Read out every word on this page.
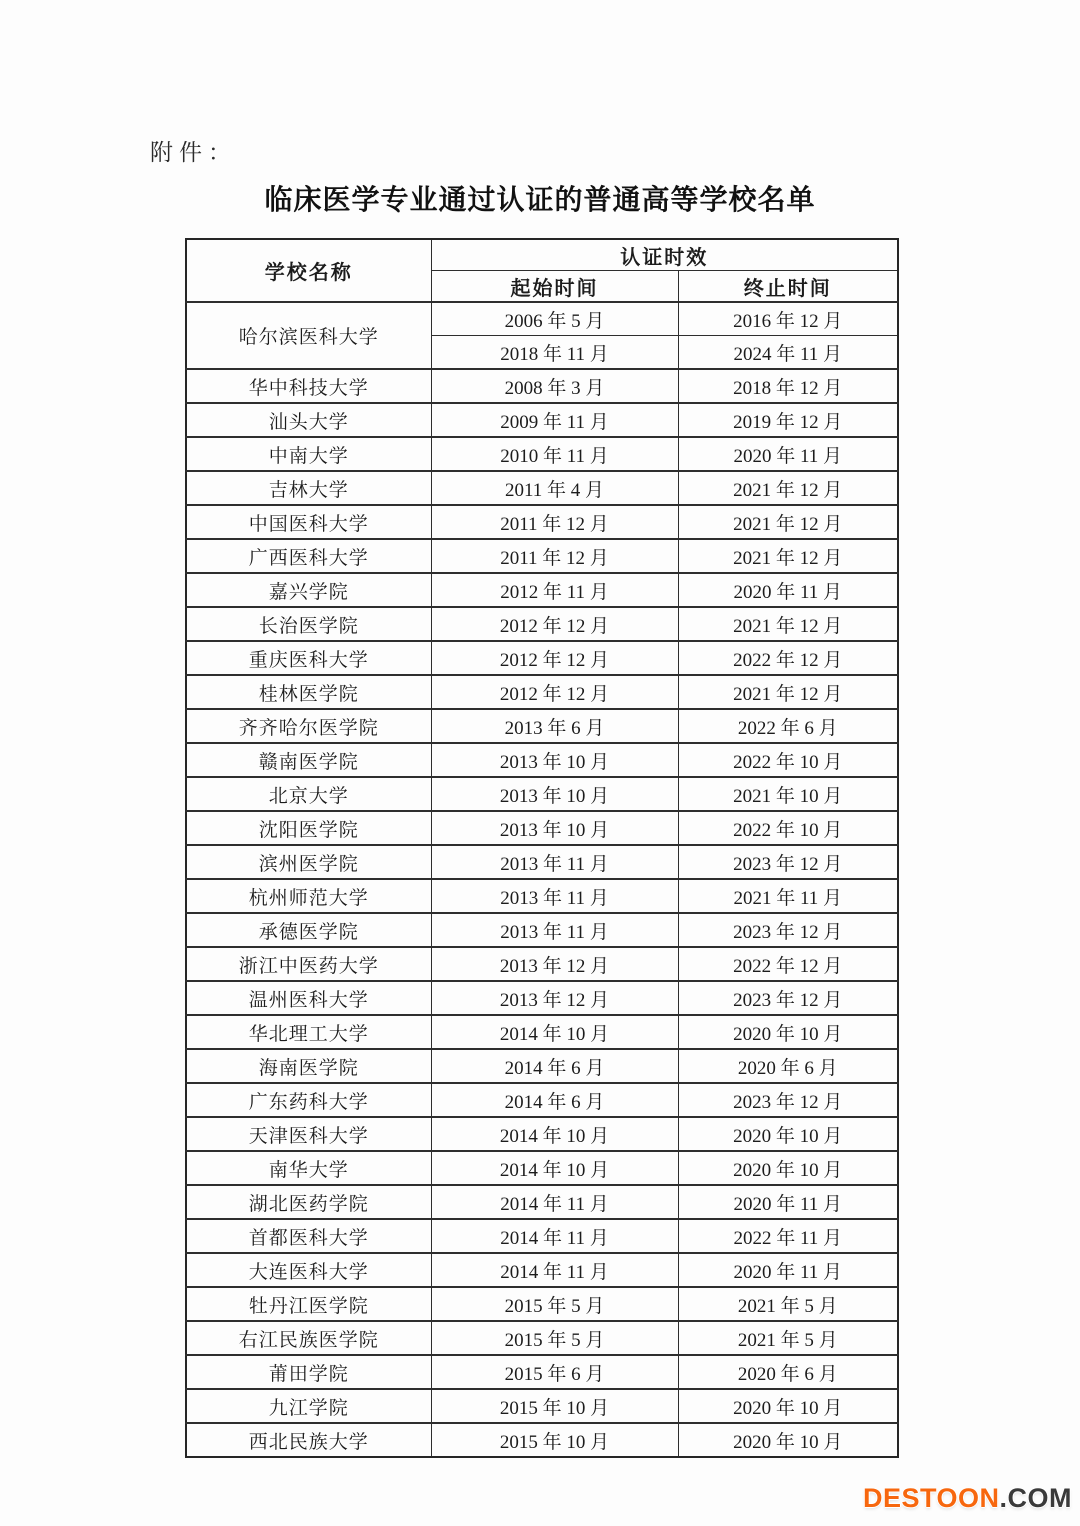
附件：
临床医学专业通过认证的普通高等学校名单
学校名称	认证时效	
	起始时间	终止时间
哈尔滨医科大学	2006 年 5 月	2016 年 12 月
	2018 年 11 月	2024 年 11 月
华中科技大学	2008 年 3 月	2018 年 12 月
汕头大学	2009 年 11 月	2019 年 12 月
中南大学	2010 年 11 月	2020 年 11 月
吉林大学	2011 年 4 月	2021 年 12 月
中国医科大学	2011 年 12 月	2021 年 12 月
广西医科大学	2011 年 12 月	2021 年 12 月
嘉兴学院	2012 年 11 月	2020 年 11 月
长治医学院	2012 年 12 月	2021 年 12 月
重庆医科大学	2012 年 12 月	2022 年 12 月
桂林医学院	2012 年 12 月	2021 年 12 月
齐齐哈尔医学院	2013 年 6 月	2022 年 6 月
赣南医学院	2013 年 10 月	2022 年 10 月
北京大学	2013 年 10 月	2021 年 10 月
沈阳医学院	2013 年 10 月	2022 年 10 月
滨州医学院	2013 年 11 月	2023 年 12 月
杭州师范大学	2013 年 11 月	2021 年 11 月
承德医学院	2013 年 11 月	2023 年 12 月
浙江中医药大学	2013 年 12 月	2022 年 12 月
温州医科大学	2013 年 12 月	2023 年 12 月
华北理工大学	2014 年 10 月	2020 年 10 月
海南医学院	2014 年 6 月	2020 年 6 月
广东药科大学	2014 年 6 月	2023 年 12 月
天津医科大学	2014 年 10 月	2020 年 10 月
南华大学	2014 年 10 月	2020 年 10 月
湖北医药学院	2014 年 11 月	2020 年 11 月
首都医科大学	2014 年 11 月	2022 年 11 月
大连医科大学	2014 年 11 月	2020 年 11 月
牡丹江医学院	2015 年 5 月	2021 年 5 月
右江民族医学院	2015 年 5 月	2021 年 5 月
莆田学院	2015 年 6 月	2020 年 6 月
九江学院	2015 年 10 月	2020 年 10 月
西北民族大学	2015 年 10 月	2020 年 10 月
DESTOON.COM
